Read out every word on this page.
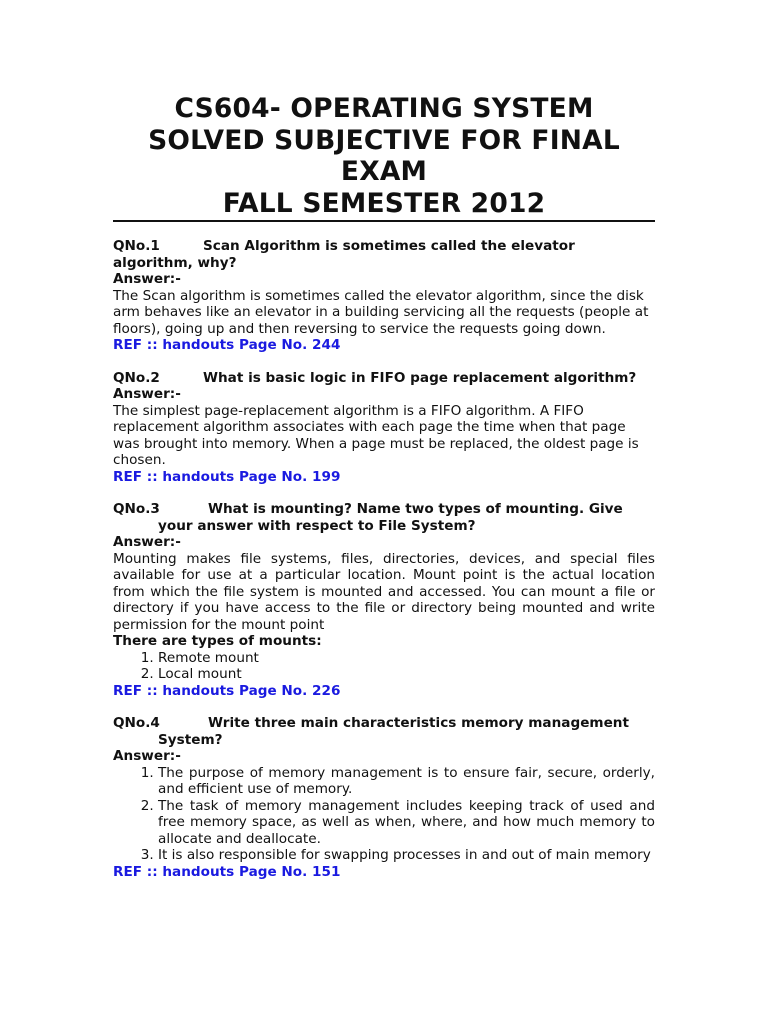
CS604- OPERATING SYSTEM
SOLVED SUBJECTIVE FOR FINAL
EXAM
FALL SEMESTER 2012
QNo.1	Scan Algorithm is sometimes called the elevator
algorithm, why?
Answer:-

The Scan algorithm is sometimes called the elevator algorithm, since the disk arm behaves like an elevator in a building servicing all the requests (people at floors), going up and then reversing to service the requests going down.

REF :: handouts Page No. 244
QNo.2	What is basic logic in FIFO page replacement algorithm?
Answer:-

The simplest page-replacement algorithm is a FIFO algorithm. A FIFO replacement algorithm associates with each page the time when that page was brought into memory. When a page must be replaced, the oldest page is chosen.

REF :: handouts Page No. 199
QNo.3	What is mounting? Name two types of mounting. Give
your answer with respect to File System?
Answer:-

Mounting makes file systems, files, directories, devices, and special files available for use at a particular location. Mount point is the actual location from which the file system is mounted and accessed. You can mount a file or directory if you have access to the file or directory being mounted and write permission for the mount point

There are types of mounts:
1. Remote mount
2. Local mount
REF :: handouts Page No. 226
QNo.4	Write three main characteristics memory management
System?
Answer:-
1. The purpose of memory management is to ensure fair, secure, orderly, and efficient use of memory.
2. The task of memory management includes keeping track of used and free memory space, as well as when, where, and how much memory to allocate and deallocate.
3. It is also responsible for swapping processes in and out of main memory
REF :: handouts Page No. 151
